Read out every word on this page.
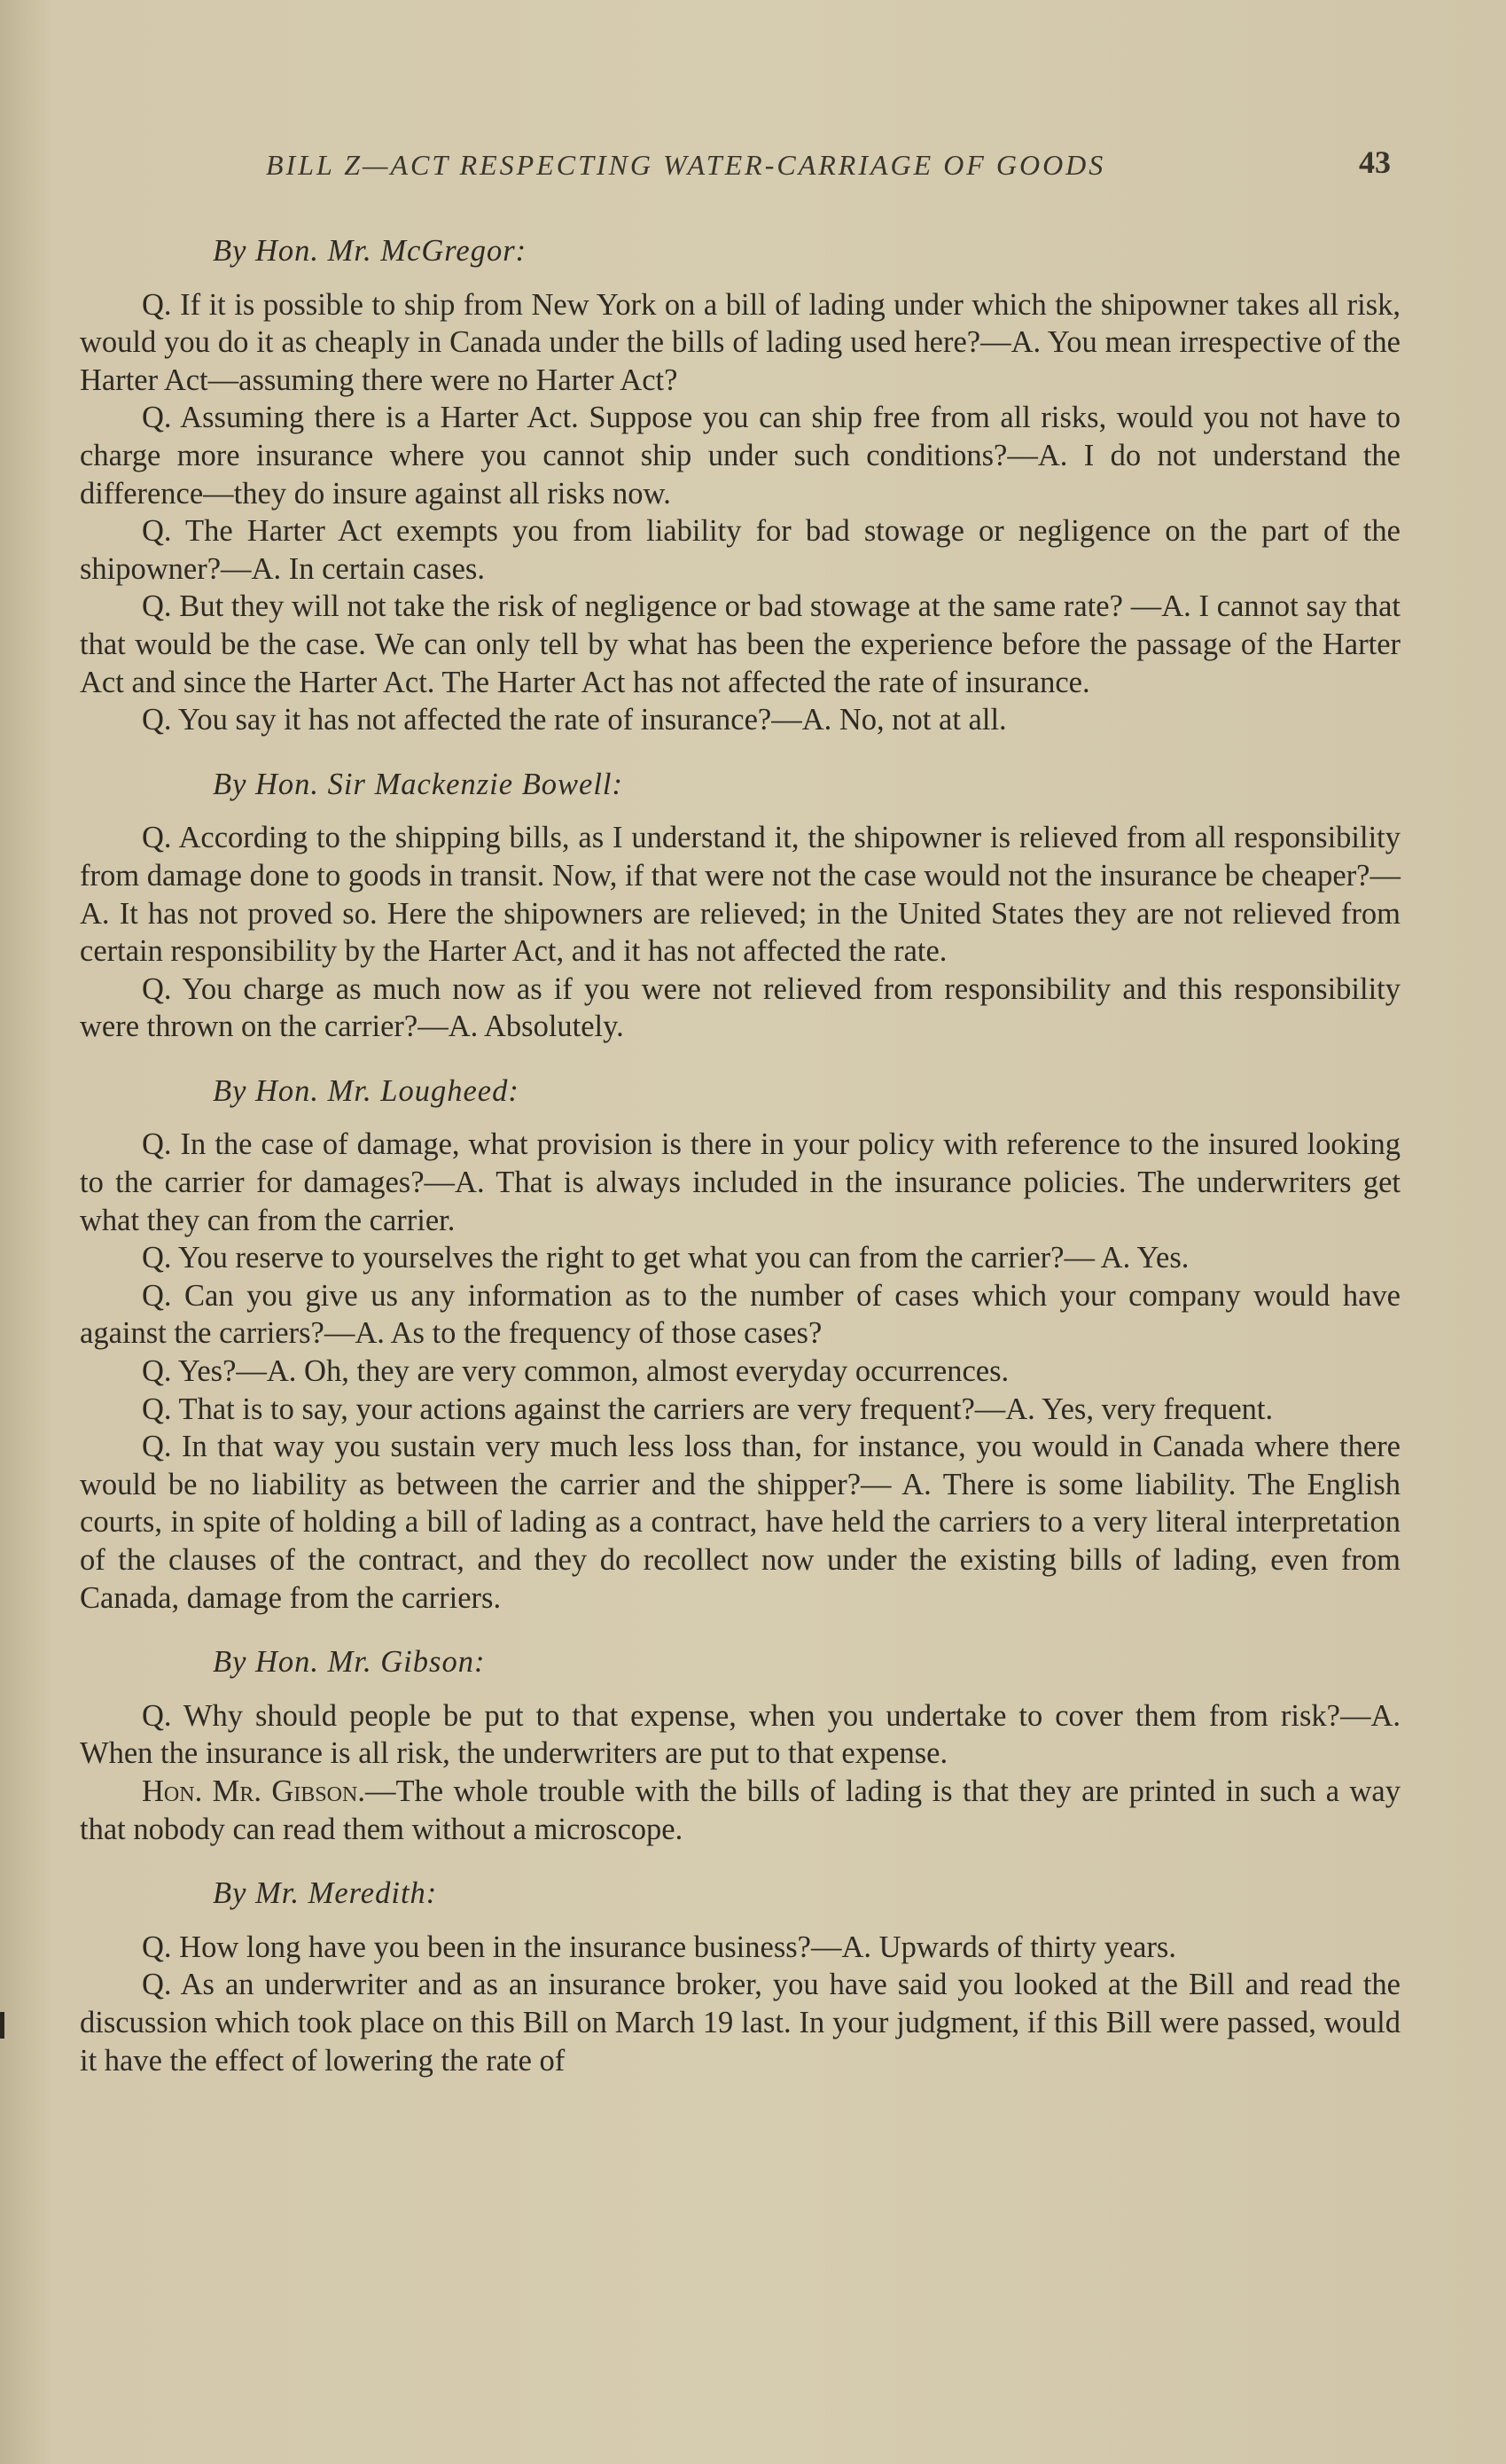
BILL Z—ACT RESPECTING WATER-CARRIAGE OF GOODS	43
By Hon. Mr. McGregor:

Q. If it is possible to ship from New York on a bill of lading under which the shipowner takes all risk, would you do it as cheaply in Canada under the bills of lading used here?—A. You mean irrespective of the Harter Act—assuming there were no Harter Act?

Q. Assuming there is a Harter Act. Suppose you can ship free from all risks, would you not have to charge more insurance where you cannot ship under such conditions?—A. I do not understand the difference—they do insure against all risks now.

Q. The Harter Act exempts you from liability for bad stowage or negligence on the part of the shipowner?—A. In certain cases.

Q. But they will not take the risk of negligence or bad stowage at the same rate? —A. I cannot say that that would be the case. We can only tell by what has been the experience before the passage of the Harter Act and since the Harter Act. The Harter Act has not affected the rate of insurance.

Q. You say it has not affected the rate of insurance?—A. No, not at all.

By Hon. Sir Mackenzie Bowell:

Q. According to the shipping bills, as I understand it, the shipowner is relieved from all responsibility from damage done to goods in transit. Now, if that were not the case would not the insurance be cheaper?—A. It has not proved so. Here the shipowners are relieved; in the United States they are not relieved from certain responsibility by the Harter Act, and it has not affected the rate.

Q. You charge as much now as if you were not relieved from responsibility and this responsibility were thrown on the carrier?—A. Absolutely.

By Hon. Mr. Lougheed:

Q. In the case of damage, what provision is there in your policy with reference to the insured looking to the carrier for damages?—A. That is always included in the insurance policies. The underwriters get what they can from the carrier.

Q. You reserve to yourselves the right to get what you can from the carrier?— A. Yes.

Q. Can you give us any information as to the number of cases which your company would have against the carriers?—A. As to the frequency of those cases?

Q. Yes?—A. Oh, they are very common, almost everyday occurrences.

Q. That is to say, your actions against the carriers are very frequent?—A. Yes, very frequent.

Q. In that way you sustain very much less loss than, for instance, you would in Canada where there would be no liability as between the carrier and the shipper?— A. There is some liability. The English courts, in spite of holding a bill of lading as a contract, have held the carriers to a very literal interpretation of the clauses of the contract, and they do recollect now under the existing bills of lading, even from Canada, damage from the carriers.

By Hon. Mr. Gibson:

Q. Why should people be put to that expense, when you undertake to cover them from risk?—A. When the insurance is all risk, the underwriters are put to that expense.

Hon. Mr. Gibson.—The whole trouble with the bills of lading is that they are printed in such a way that nobody can read them without a microscope.

By Mr. Meredith:

Q. How long have you been in the insurance business?—A. Upwards of thirty years.

Q. As an underwriter and as an insurance broker, you have said you looked at the Bill and read the discussion which took place on this Bill on March 19 last. In your judgment, if this Bill were passed, would it have the effect of lowering the rate of
